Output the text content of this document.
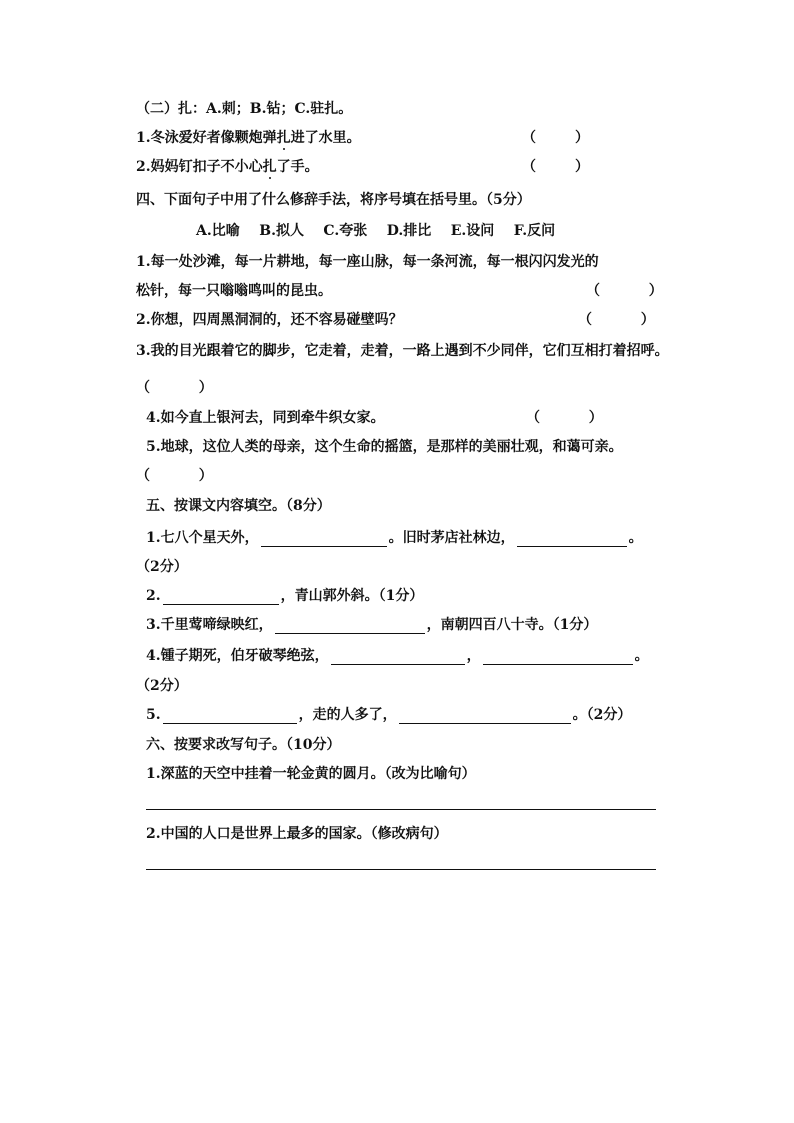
（二）扎：A.刺；B.钻；C.驻扎。
1.冬泳爱好者像颗炮弹扎进了水里。	（        ）
2.妈妈钉扣子不小心扎了手。	（        ）
四、下面句子中用了什么修辞手法，将序号填在括号里。（5分）
A.比喻    B.拟人    C.夸张    D.排比    E.设问    F.反问
1.每一处沙滩，每一片耕地，每一座山脉，每一条河流，每一根闪闪发光的
松针，每一只嗡嗡鸣叫的昆虫。	（          ）
2.你想，四周黑洞洞的，还不容易碰壁吗？	（          ）
3.我的目光跟着它的脚步，它走着，走着，一路上遇到不少同伴，它们互相打着招呼。
（          ）
4.如今直上银河去，同到牵牛织女家。	（          ）
5.地球，这位人类的母亲，这个生命的摇篮，是那样的美丽壮观，和蔼可亲。
（          ）
五、按课文内容填空。（8分）
1.七八个星天外，	。旧时茅店社林边，	。
（2分）
2.	，青山郭外斜。（1分）
3.千里莺啼绿映红，	，南朝四百八十寺。（1分）
4.锺子期死，伯牙破琴绝弦，	，	。
（2分）
5.	，走的人多了，	。（2分）
六、按要求改写句子。（10分）
1.深蓝的天空中挂着一轮金黄的圆月。（改为比喻句）
2.中国的人口是世界上最多的国家。（修改病句）
